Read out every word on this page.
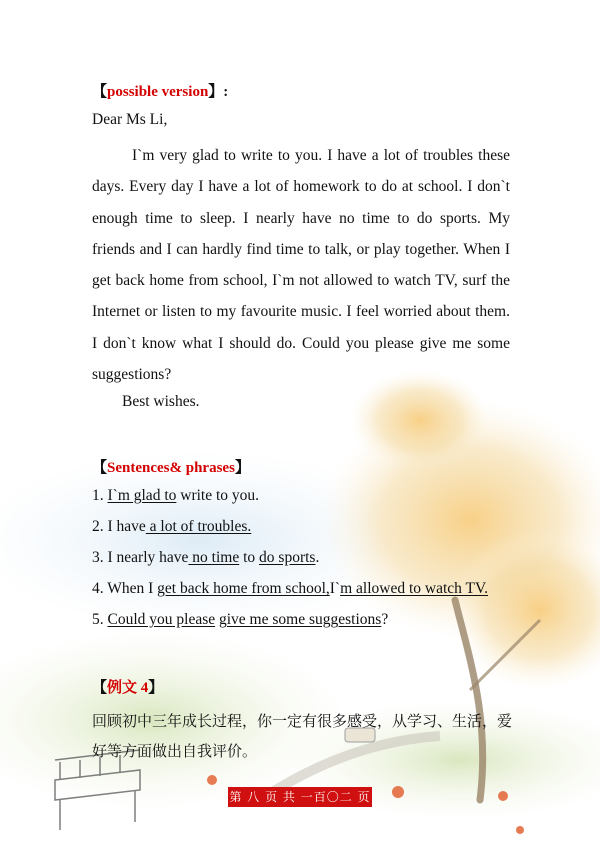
【possible version】:
Dear Ms Li,
I`m very glad to write to you. I have a lot of troubles these days. Every day I have a lot of homework to do at school. I don`t enough time to sleep. I nearly have no time to do sports. My friends and I can hardly find time to talk, or play together. When I get back home from school, I`m not allowed to watch TV, surf the Internet or listen to my favourite music. I feel worried about them. I don`t know what I should do. Could you please give me some suggestions?
Best wishes.
【Sentences& phrases】
1. I`m glad to write to you.
2. I have a lot of troubles.
3. I nearly have no time to do sports.
4. When I get back home from school,I`m allowed to watch TV.
5. Could you please give me some suggestions?
【例文 4】
回顾初中三年成长过程，你一定有很多感受，从学习、生活，爱好等方面做出自我评价。
第 八 页 共 一百〇二 页
